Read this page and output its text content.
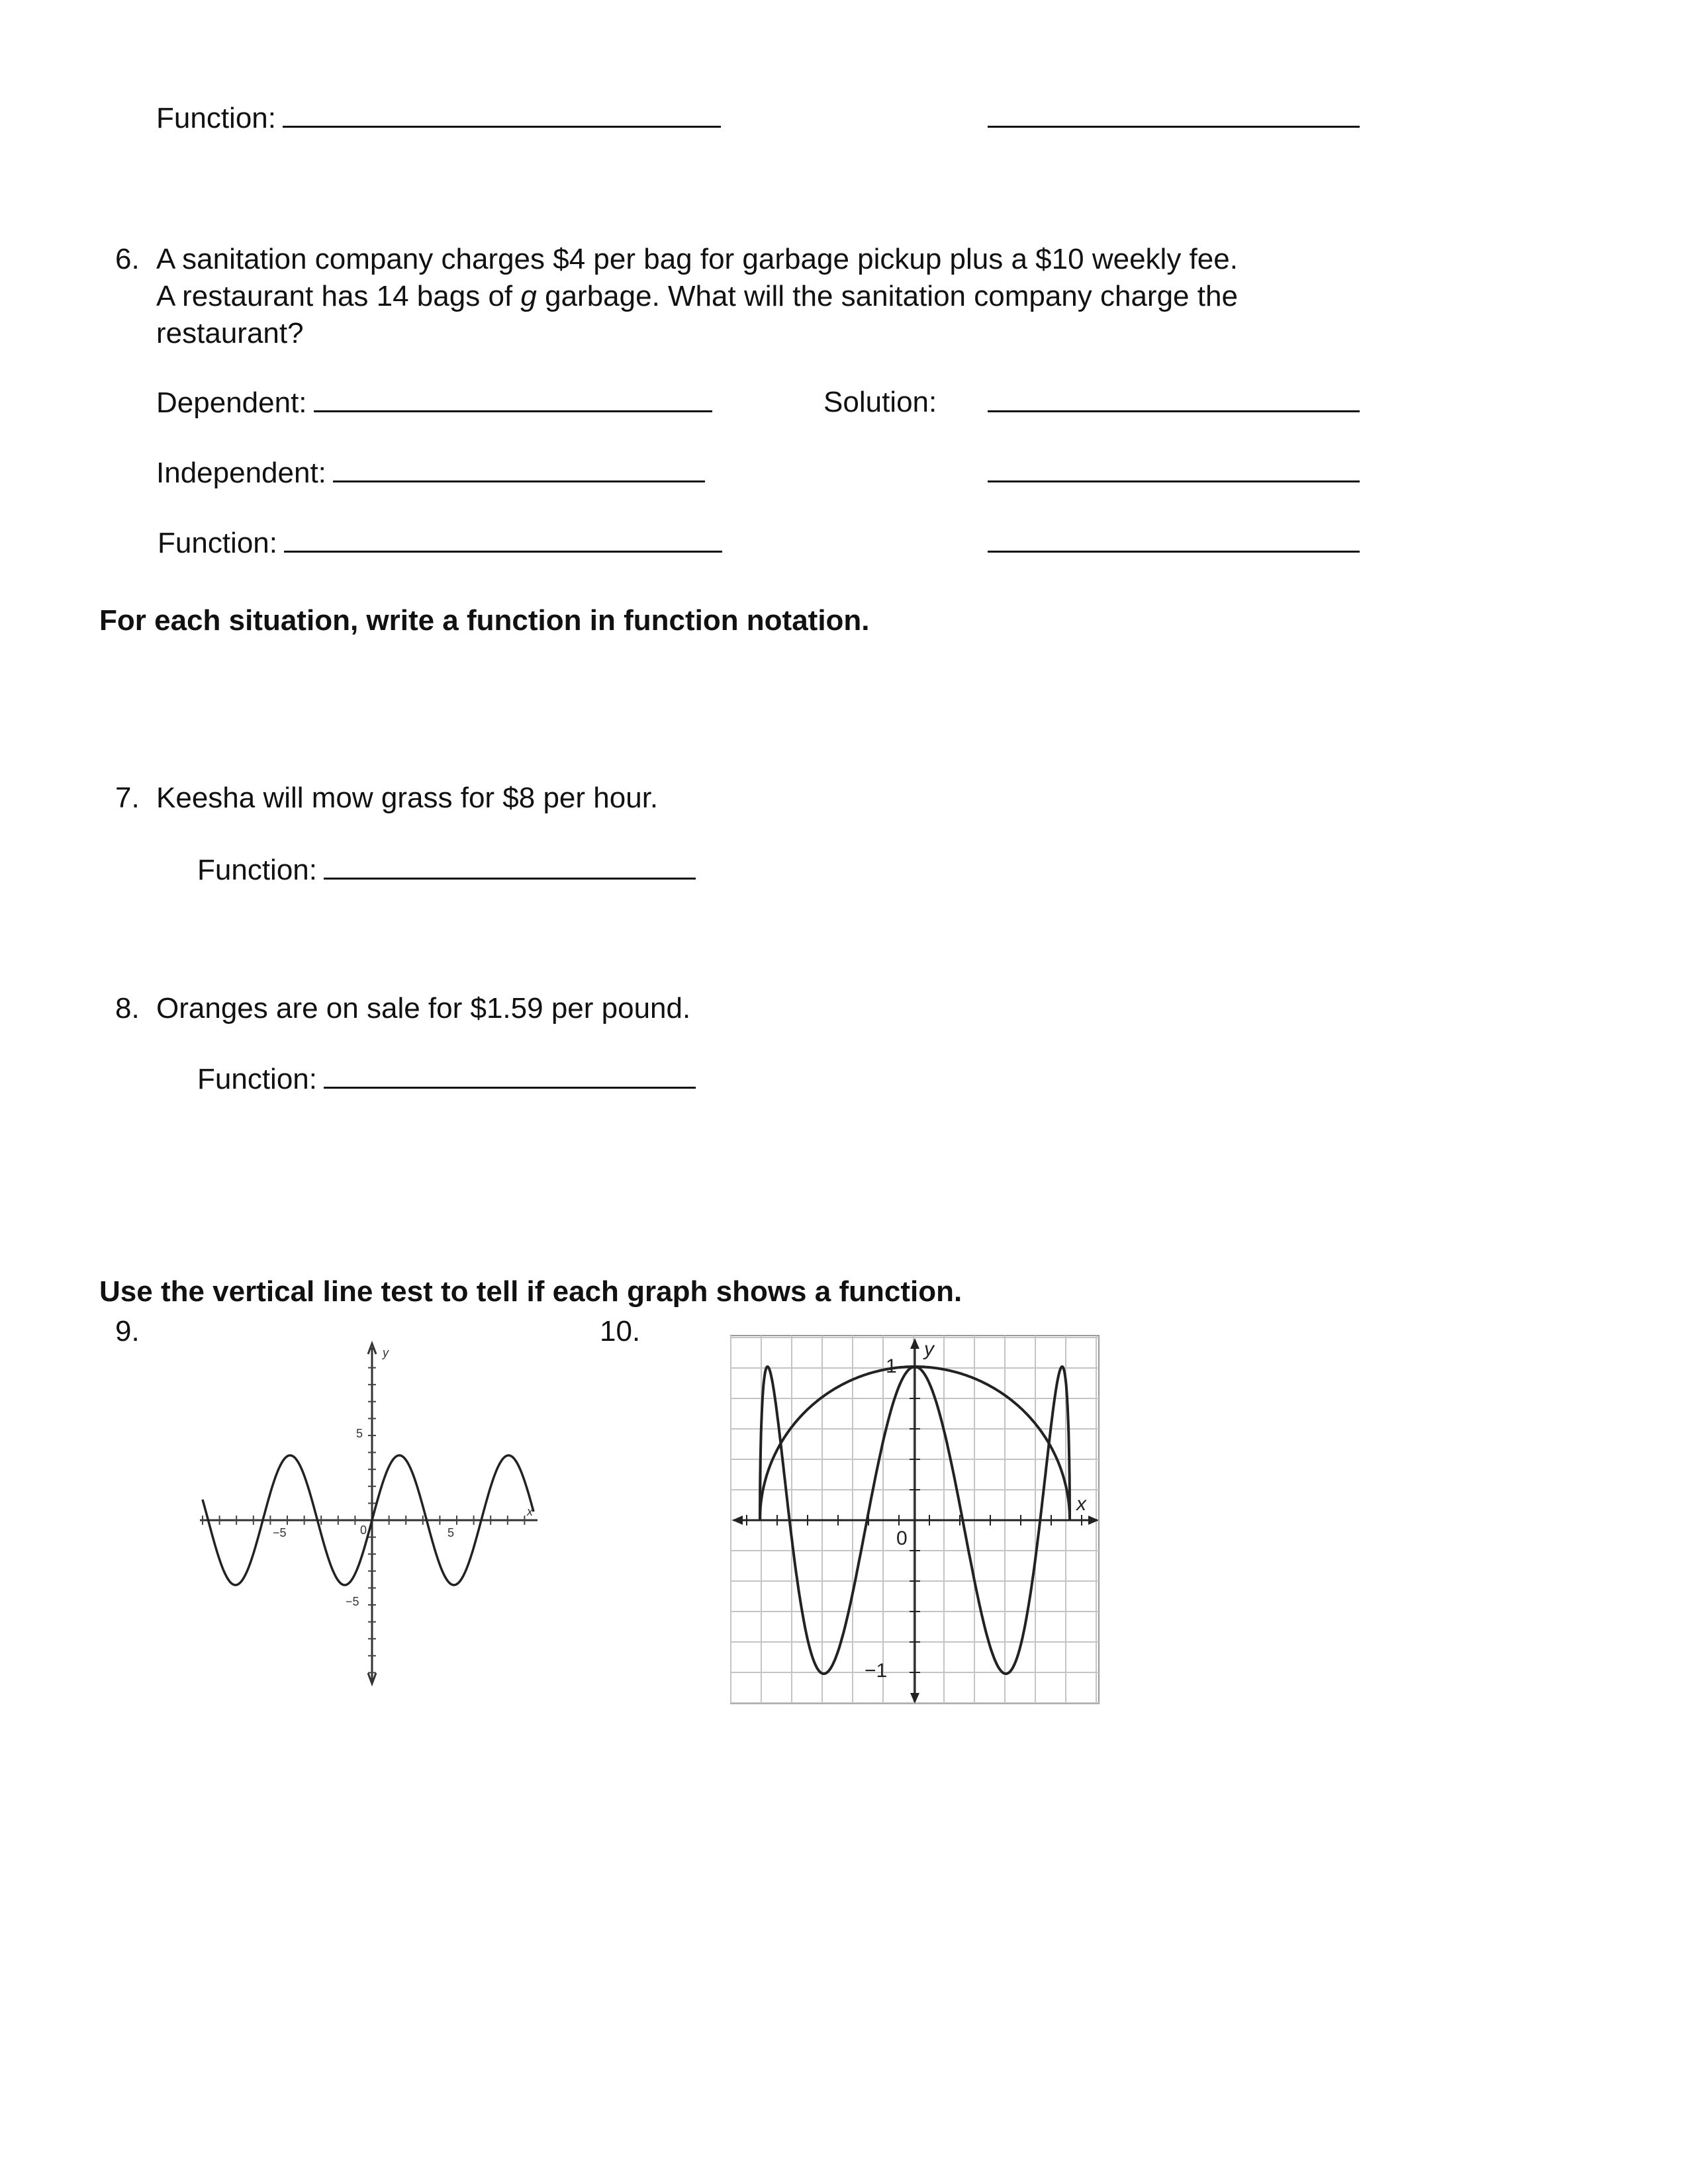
Function:
6. A sanitation company charges $4 per bag for garbage pickup plus a $10 weekly fee.
A restaurant has 14 bags of g garbage. What will the sanitation company charge the
restaurant?
Dependent:	Solution:
Independent:
Function:
For each situation, write a function in function notation.
7. Keesha will mow grass for $8 per hour.
Function:
8. Oranges are on sale for $1.59 per pound.
Function:
Use the vertical line test to tell if each graph shows a function.
9.	10.
y
x
−5	5
5
−5
0
y
x
1
−1
0
